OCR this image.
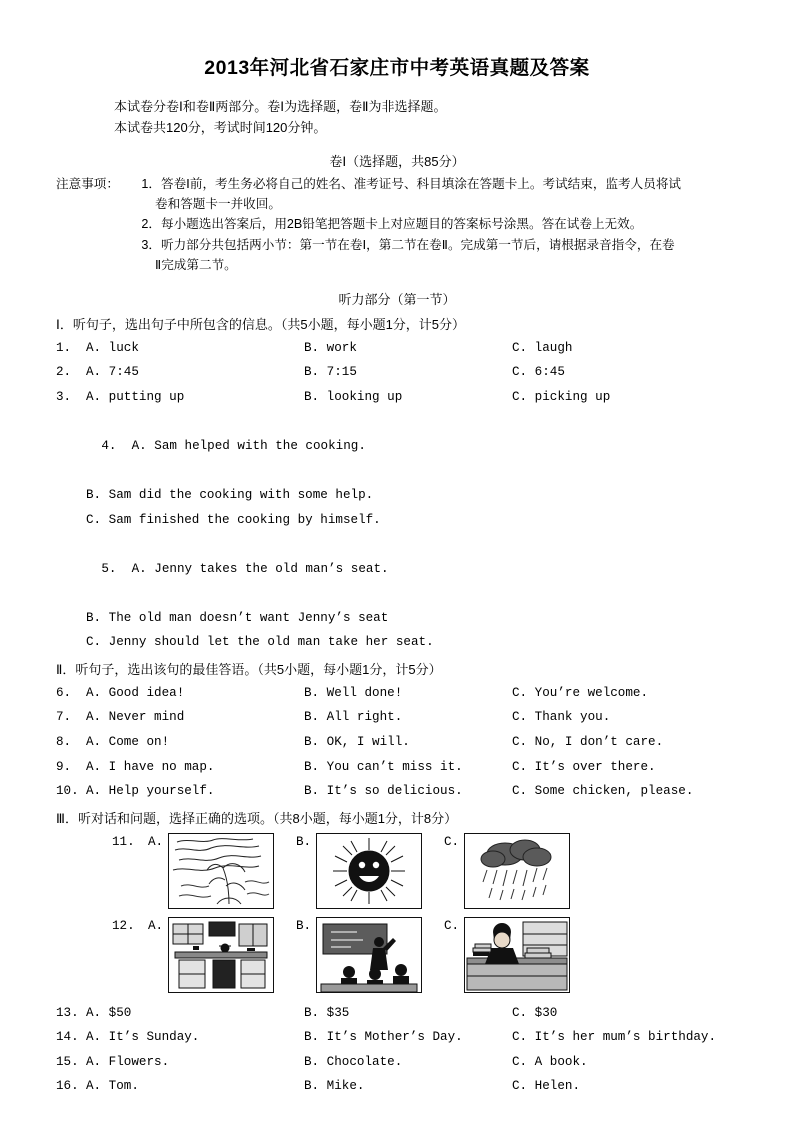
2013年河北省石家庄市中考英语真题及答案
本试卷分卷Ⅰ和卷Ⅱ两部分。卷Ⅰ为选择题，卷Ⅱ为非选择题。
本试卷共120分，考试时间120分钟。
卷Ⅰ（选择题，共85分）
注意事项：	1． 答卷Ⅰ前，考生务必将自己的姓名、准考证号、科目填涂在答题卡上。考试结束，监考人员将试
卷和答题卡一并收回。
2． 每小题选出答案后，用2B铅笔把答题卡上对应题目的答案标号涂黑。答在试卷上无效。
3． 听力部分共包括两小节：第一节在卷Ⅰ，第二节在卷Ⅱ。完成第一节后，请根据录音指令，在卷
Ⅱ完成第二节。
听力部分（第一节）
Ⅰ．听句子，选出句子中所包含的信息。（共5小题，每小题1分，计5分）
1.	A. luck	B. work	C. laugh
2.	A. 7:45	B. 7:15	C. 6:45
3.	A. putting up	B. looking up	C. picking up

4. A. Sam helped with the cooking.

B. Sam did the cooking with some help.
C. Sam finished the cooking by himself.

5. A. Jenny takes the old man’s seat.

B. The old man doesn’t want Jenny’s seat
C. Jenny should let the old man take her seat.
Ⅱ．听句子，选出该句的最佳答语。（共5小题，每小题1分，计5分）
6.	A. Good idea!	B. Well done!	C. You’re welcome.
7.	A. Never mind	B. All right.	C. Thank you.
8.	A. Come on!	B. OK, I will.	C. No, I don’t care.
9.	A. I have no map.	B. You can’t miss it.	C. It’s over there.
10. A. Help yourself.	B. It’s so delicious.	C. Some chicken, please.
Ⅲ．听对话和问题，选择正确的选项。（共8小题，每小题1分，计8分）
11.	A.	B.	C.
12.	A.	B.	C.
13. A. $50	B. $35	C. $30
14. A. It’s Sunday.	B. It’s Mother’s Day.	C. It’s her mum’s birthday.
15. A. Flowers.	B. Chocolate.	C. A book.
16. A. Tom.	B. Mike.	C. Helen.
